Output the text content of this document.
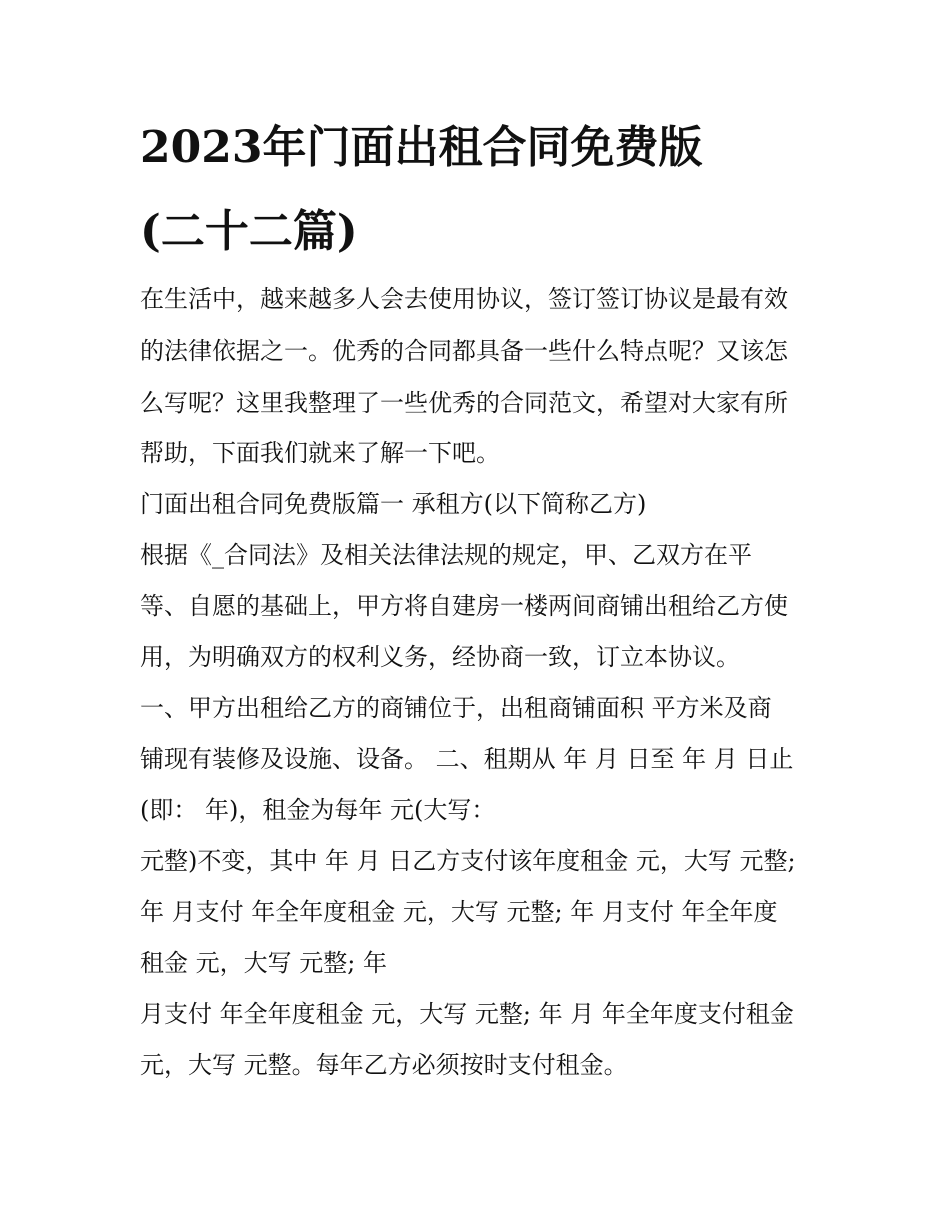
2023年门面出租合同免费版
(二十二篇)
在生活中，越来越多人会去使用协议，签订签订协议是最有效
的法律依据之一。优秀的合同都具备一些什么特点呢？又该怎
么写呢？这里我整理了一些优秀的合同范文，希望对大家有所
帮助，下面我们就来了解一下吧。
门面出租合同免费版篇一 承租方(以下简称乙方)
根据《_合同法》及相关法律法规的规定，甲、乙双方在平
等、自愿的基础上，甲方将自建房一楼两间商铺出租给乙方使
用，为明确双方的权利义务，经协商一致，订立本协议。
一、甲方出租给乙方的商铺位于，出租商铺面积 平方米及商
铺现有装修及设施、设备。 二、租期从 年 月 日至 年 月 日止
(即： 年)，租金为每年 元(大写：
元整)不变，其中 年 月 日乙方支付该年度租金 元，大写 元整;
年 月支付 年全年度租金 元，大写 元整; 年 月支付 年全年度
租金 元，大写 元整; 年
月支付 年全年度租金 元，大写 元整; 年 月 年全年度支付租金
元，大写 元整。每年乙方必须按时支付租金。
